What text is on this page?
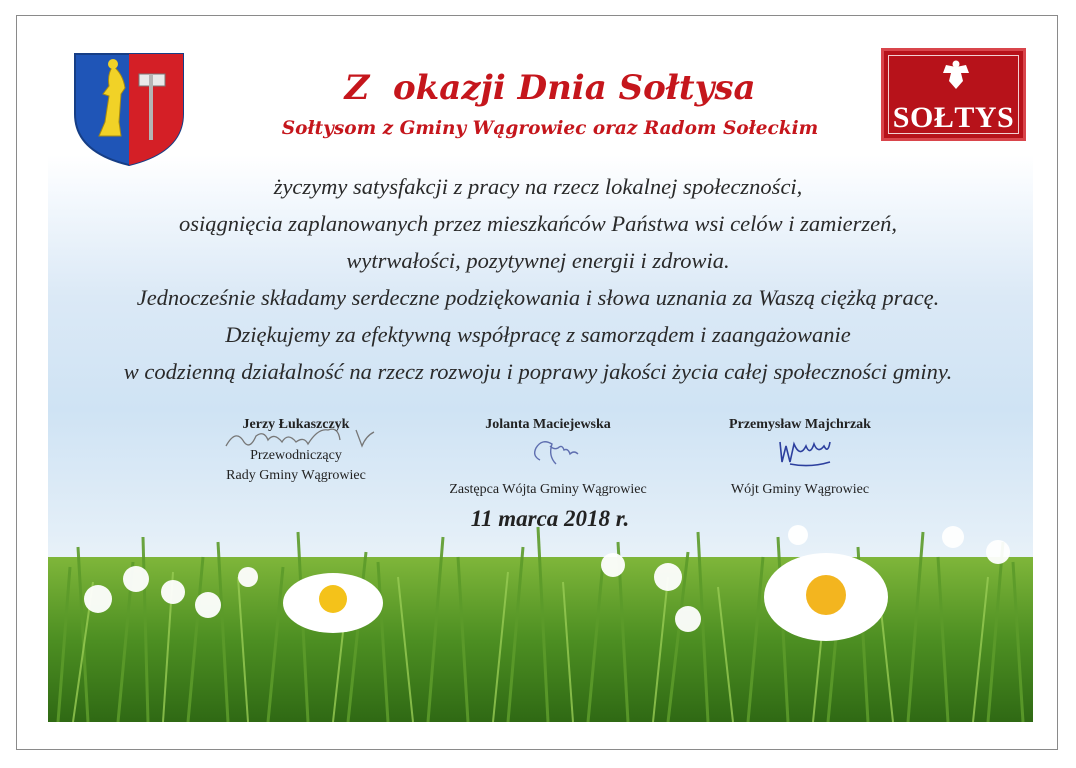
SOŁTYS
Z  okazji Dnia Sołtysa
Sołtysom z Gminy Wągrowiec oraz Radom Sołeckim
życzymy satysfakcji z pracy na rzecz lokalnej społeczności,
osiągnięcia zaplanowanych przez mieszkańców Państwa wsi celów i zamierzeń,
wytrwałości, pozytywnej energii i zdrowia.
Jednocześnie składamy serdeczne podziękowania i słowa uznania za Waszą ciężką pracę.
Dziękujemy za efektywną współpracę z samorządem i zaangażowanie
w codzienną działalność na rzecz rozwoju i poprawy jakości życia całej społeczności gminy.
Jerzy Łukaszczyk
Przewodniczący
Rady Gminy Wągrowiec
Jolanta Maciejewska
Zastępca Wójta Gminy Wągrowiec
Przemysław Majchrzak
Wójt Gminy Wągrowiec
11 marca 2018 r.
